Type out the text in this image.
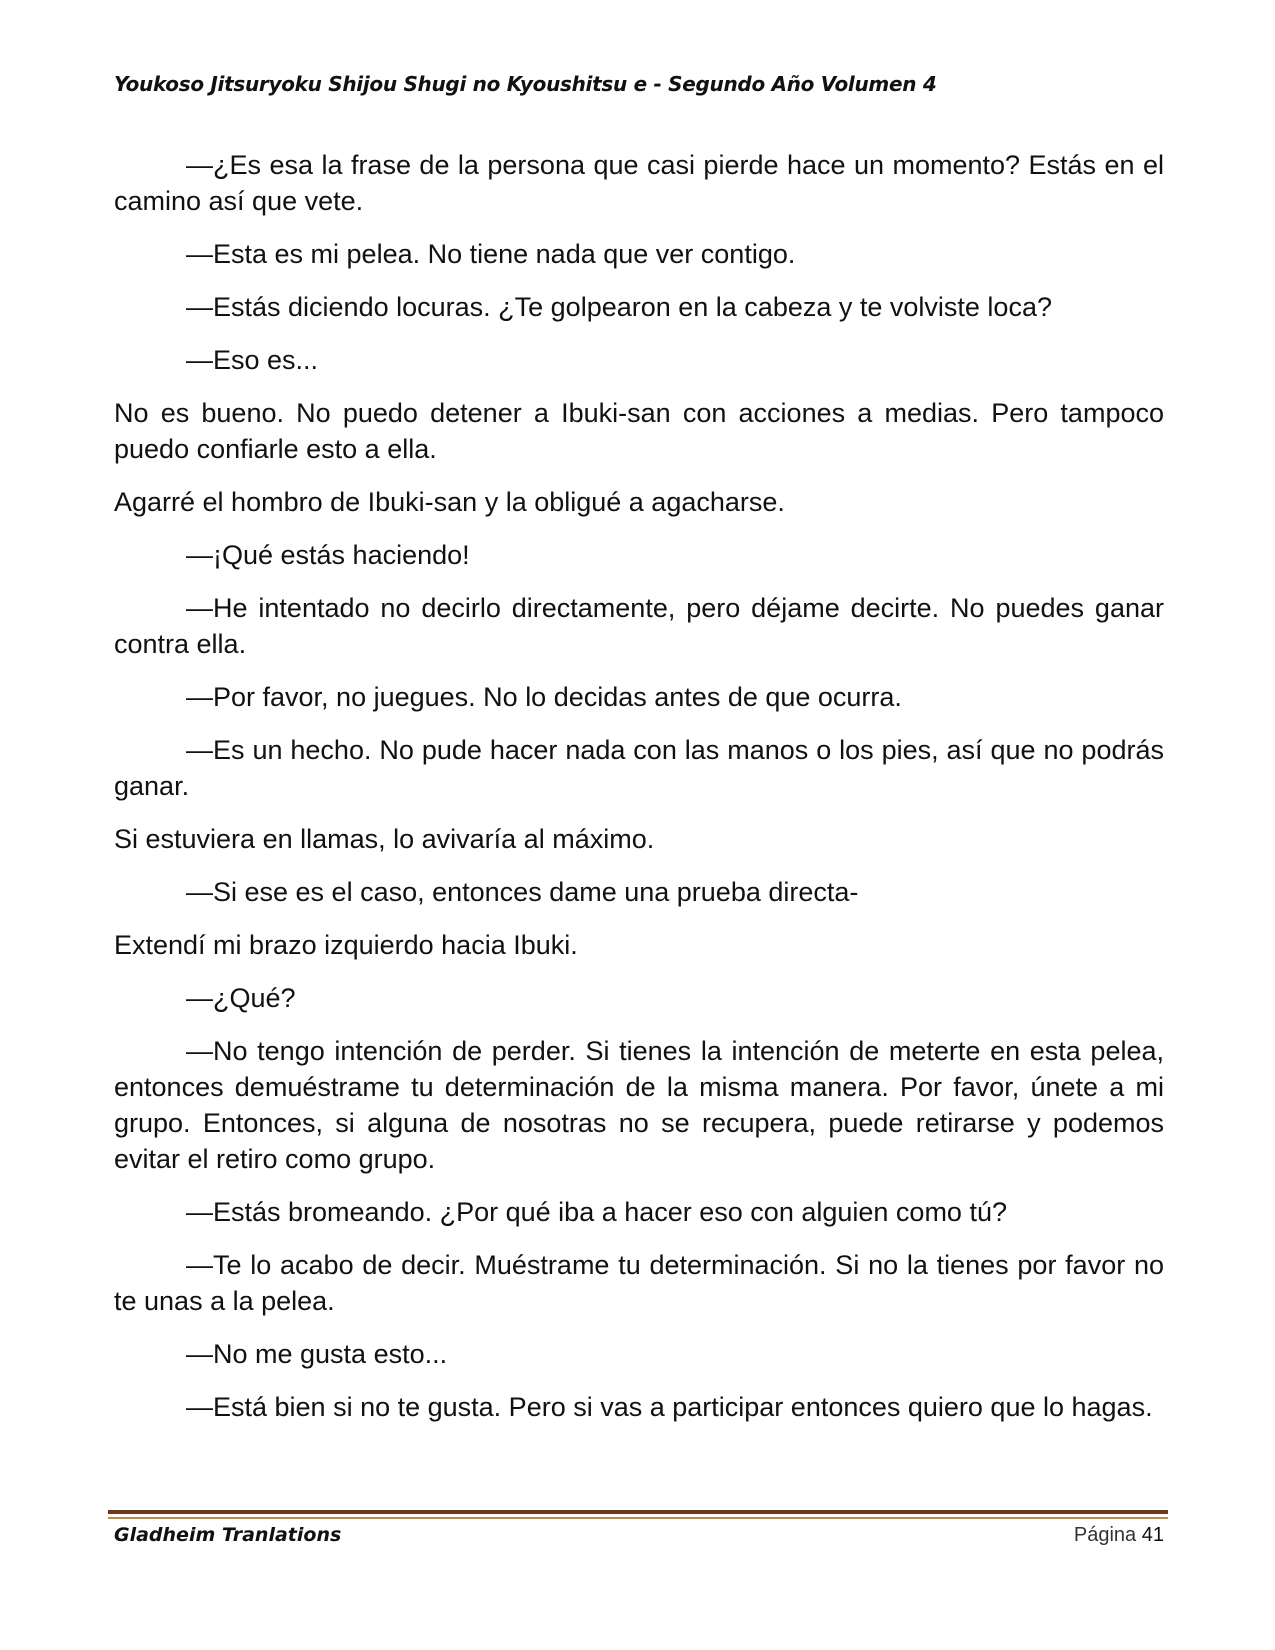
Youkoso Jitsuryoku Shijou Shugi no Kyoushitsu e - Segundo Año Volumen 4

—¿Es esa la frase de la persona que casi pierde hace un momento? Estás en el camino así que vete.

—Esta es mi pelea. No tiene nada que ver contigo.

—Estás diciendo locuras. ¿Te golpearon en la cabeza y te volviste loca?

—Eso es...

No es bueno. No puedo detener a Ibuki-san con acciones a medias. Pero tampoco puedo confiarle esto a ella.

Agarré el hombro de Ibuki-san y la obligué a agacharse.

—¡Qué estás haciendo!

—He intentado no decirlo directamente, pero déjame decirte. No puedes ganar contra ella.

—Por favor, no juegues. No lo decidas antes de que ocurra.

—Es un hecho. No pude hacer nada con las manos o los pies, así que no podrás ganar.

Si estuviera en llamas, lo avivaría al máximo.

—Si ese es el caso, entonces dame una prueba directa-

Extendí mi brazo izquierdo hacia Ibuki.

—¿Qué?

—No tengo intención de perder. Si tienes la intención de meterte en esta pelea, entonces demuéstrame tu determinación de la misma manera. Por favor, únete a mi grupo. Entonces, si alguna de nosotras no se recupera, puede retirarse y podemos evitar el retiro como grupo.

—Estás bromeando. ¿Por qué iba a hacer eso con alguien como tú?

—Te lo acabo de decir. Muéstrame tu determinación. Si no la tienes por favor no te unas a la pelea.

—No me gusta esto...

—Está bien si no te gusta. Pero si vas a participar entonces quiero que lo hagas.

Gladheim Tranlations	Página 41
